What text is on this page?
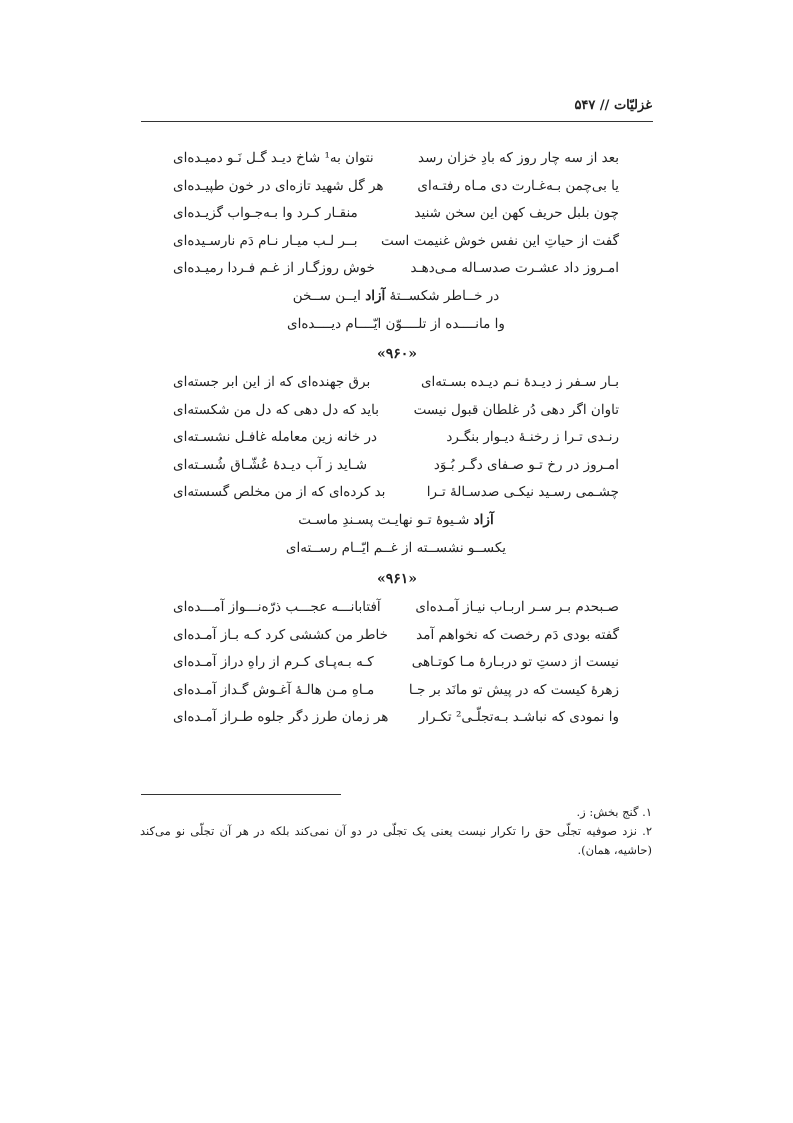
غزلیّات // ۵۴۷
بعد از سه چار روز که بادِ خزان رسد
نتوان به¹ شاخ دیـد گـل نَـو دمیـده‌ای
یا بی‌چمن بـه‌غـارت دی مـاه رفتـه‌ای
هر گل شهید تازه‌ای در خون طپیـده‌ای
چون بلبل حریف کهن این سخن شنید
منقـار کـرد وا بـه‌جـواب گزیـده‌ای
گفت از حیاتِ این نفس خوش غنیمت است
بــر لـب میـار نـام دَم نارسـیده‌ای
امـروز داد عشـرت صدسـاله مـی‌دهـد
خوش روزگـار از غـم فـردا رمیـده‌ای
در خــاطر شکســتهٔ آزاد ایــن ســخن
وا مانــــده از تلــــوّن ایّــــام دیــــده‌ای
«۹۶۰»
بـار سـفر ز دیـدهٔ نـم دیـده بسـته‌ای
برق جهنده‌ای که از این ابر جسته‌ای
تاوان اگر دهی دُر غلطان قبول نیست
باید که دل دهی که دل من شکسته‌ای
رنـدی تـرا ز رخنـهٔ دیـوار بنگـرد
در خانه زین معامله غافـل نشسـته‌ای
امـروز در رخ تـو صـفای دگـر بُـوَد
شـاید ز آب دیـدهٔ عُشّـاق شُسـته‌ای
چشـمی رسـید نیکـی صدسـالهٔ تـرا
بد کرده‌ای که از من مخلص گسسته‌ای
آزاد شـیوهٔ تـو نهایـت پسـندِ ماسـت
یکســو نشســته از غــم ایّــام رســته‌ای
«۹۶۱»
صـبحدم بـر سـر اربـاب نیـاز آمـده‌ای
آفتابانـــه عجـــب ذرّه‌نـــواز آمـــده‌ای
گفته بودی دَم رخصت که نخواهم آمد
خاطر من کششی کرد کـه بـاز آمـده‌ای
نیست از دستِ تو دربـارهٔ مـا کوتـاهی
کـه بـه‌پـای کـرم از راهِ دراز آمـده‌ای
زهرهٔ کیست که در پیش تو مانَد بر جـا
مـاهِ مـن هالـهٔ آغـوش گـداز آمـده‌ای
وا نمودی که نباشـد بـه‌تجلّـی² تکـرار
هر زمان طرز دگر جلوه طـراز آمـده‌ای
۱. گنج بخش: ز.
۲. نزد صوفیه تجلّی حق را تکرار نیست یعنی یک تجلّی در دو آن نمی‌کند بلکه در هر آن تجلّی نو می‌کند (حاشیه، همان).
